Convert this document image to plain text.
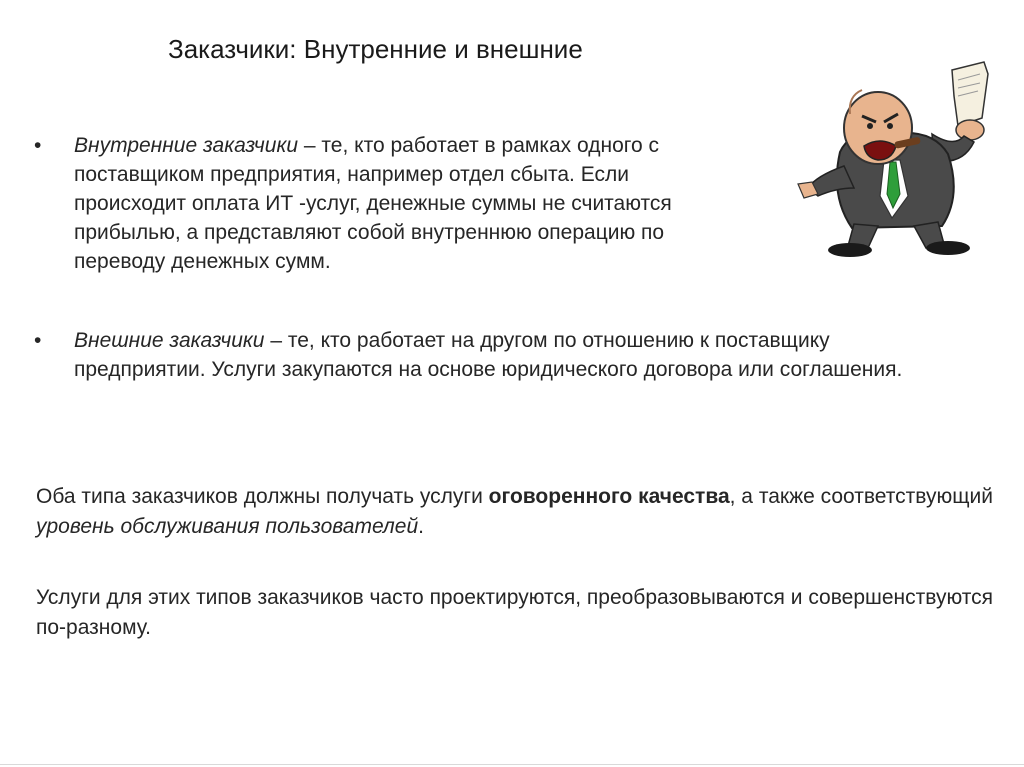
Заказчики: Внутренние и внешние
• Внутренние заказчики – те, кто работает в рамках одного с поставщиком предприятия, например отдел сбыта. Если происходит оплата ИТ -услуг, денежные суммы не считаются прибылью, а представляют собой внутреннюю операцию по переводу денежных сумм.
• Внешние заказчики – те, кто работает на другом по отношению к поставщику предприятии. Услуги закупаются на основе юридического договора или соглашения.
Оба типа заказчиков должны получать услуги оговоренного качества, а также соответствующий уровень обслуживания пользователей.
Услуги для этих типов заказчиков часто проектируются, преобразовываются и совершенствуются по-разному.
